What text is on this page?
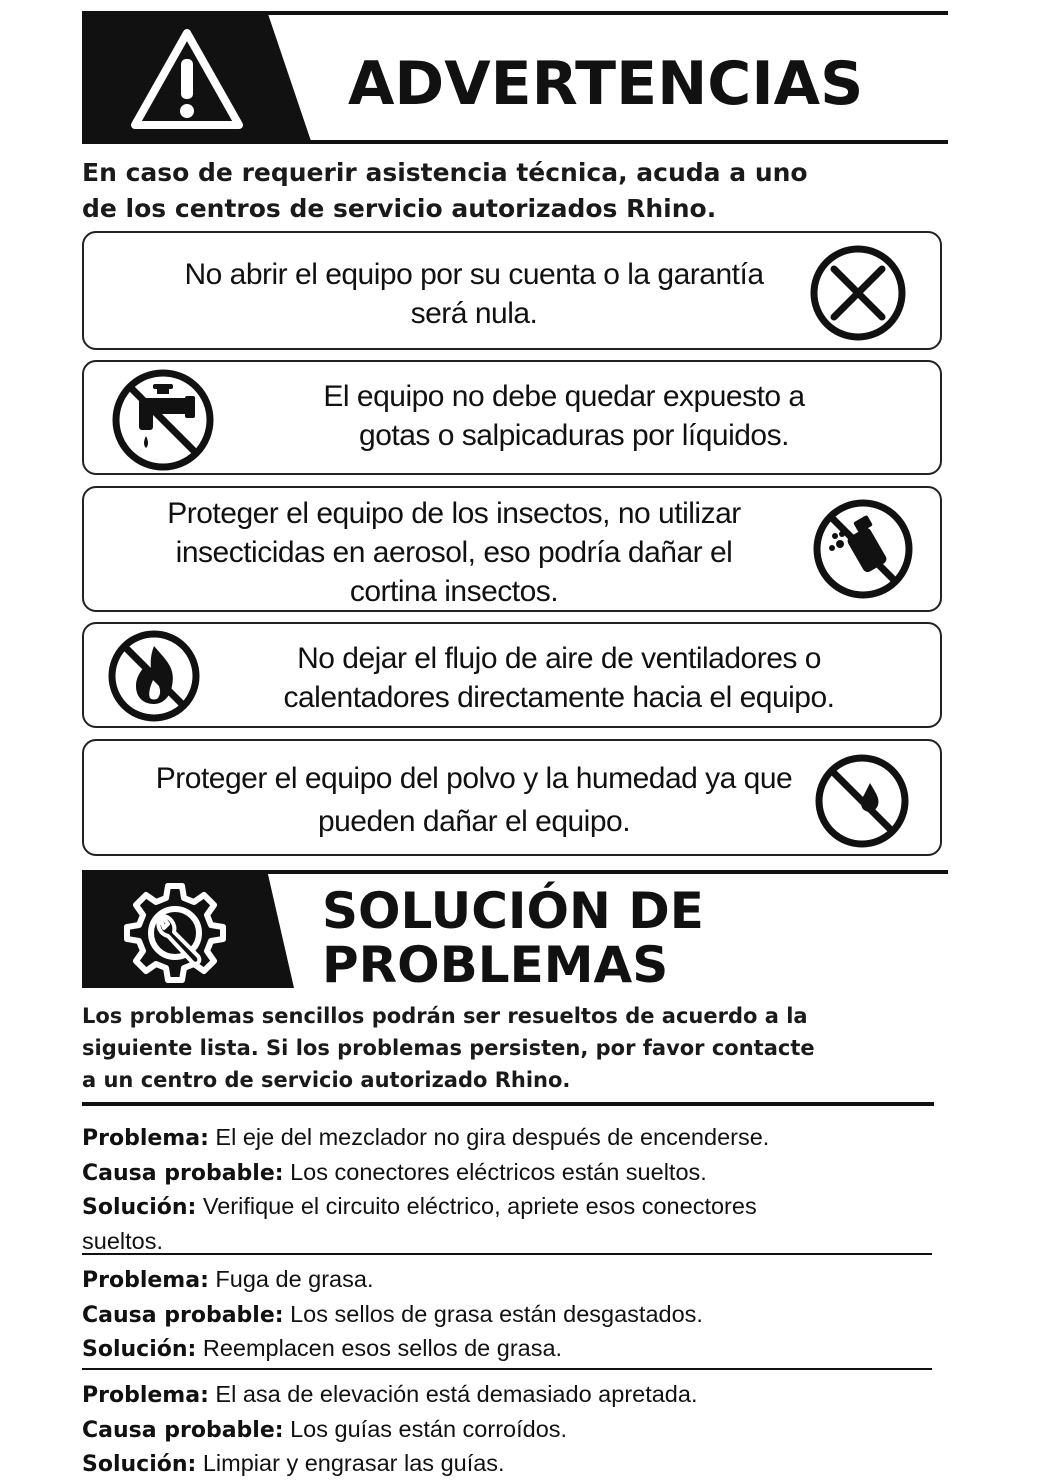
ADVERTENCIAS
En caso de requerir asistencia técnica, acuda a uno
de los centros de servicio autorizados Rhino.
No abrir el equipo por su cuenta o la garantía
será nula.
El equipo no debe quedar expuesto a
gotas o salpicaduras por líquidos.
Proteger el equipo de los insectos, no utilizar
insecticidas en aerosol, eso podría dañar el
cortina insectos.
No dejar el flujo de aire de ventiladores o
calentadores directamente hacia el equipo.
Proteger el equipo del polvo y la humedad ya que
pueden dañar el equipo.
SOLUCIÓN DE
PROBLEMAS
Los problemas sencillos podrán ser resueltos de acuerdo a la
siguiente lista. Si los problemas persisten, por favor contacte
a un centro de servicio autorizado Rhino.
Problema: El eje del mezclador no gira después de encenderse.
Causa probable: Los conectores eléctricos están sueltos.
Solución: Verifique el circuito eléctrico, apriete esos conectores
sueltos.
Problema: Fuga de grasa.
Causa probable: Los sellos de grasa están desgastados.
Solución: Reemplacen esos sellos de grasa.
Problema: El asa de elevación está demasiado apretada.
Causa probable: Los guías están corroídos.
Solución: Limpiar y engrasar las guías.
